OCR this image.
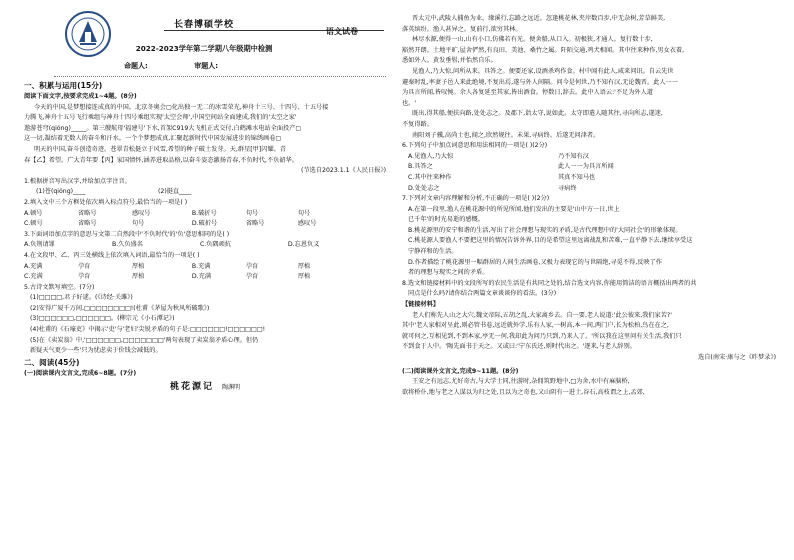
长春博硕学校
语文试卷
2022-2023学年第二学期八年级期中检测
命题人:	审题人:
一、积累与运用(15分)
阅读下面文字,按要求完成1~4题。(8分)
今天的中国,是梦想接连成真的中国。北京冬奥会▢化出独一无二的冰雪荣光,神舟十三号、十四号、十五号接
力腾飞,神舟十五号飞行乘组与神舟十四号乘组实现'太空会师',中国空间站全面建成,我们的'太空之家'
遨游苍穹(qióng)_____。第三艘航母'福建号'下水,首架C919大飞机正式交付,白鹤滩水电站全面投产▢
这一切,凝结着无数人的奋斗和汗水。一个个梦想成真,汇聚起新时代中国发展进步的锦绣画卷▢
明天的中国,奋斗创造奇迹。苍翠青松挺立于风雪,希望的种子破土发芽。天,群星[甲]闪耀。青
春【乙】希望。广大青年要【丙】家国情怀,涵养进取品格,以奋斗姿态激扬青春,不负时代,不负韶华。
(节选自2023.1.1《人民日报》)
1.根据拼音写出汉字,并给加点字注音。
(1)苍(qióng)____	(2)挺直____
2.填入文中三个方框处依次填入标点符号,最恰当的一项是( )
A.顿号	省略号	感叹号	B.破折号	句号	句号
C.顿号	省略号	句号	D.破折号	省略号	感叹号
3.下面词语加点字的意思与文第二自然段中'不负时代'的'负'意思相同的是( )
A.负荆请罪	B.久负盛名	C.负隅顽抗	D.忘恩负义
4.在文段甲、乙、丙三处横线上依次填入词语,最恰当的一项是( )
A.充满	孕育	厚植	B.充满	孕育	厚植
C.充满	孕育	厚植	D.充满	孕育	厚植
5.古诗文默写填空。(7分)
(1)□□□□,君子好逑。(《诗经·关雎》)
(2)安得广厦千万间,□□□□□□□□!(杜甫《茅屋为秋风所破歌》)
(3)□□□□□□,□□□□□□。(柳宗元《小石潭记》)
(4)杜甫的《石壕吏》中揭示'吏'与'老妇'尖锐矛盾的句子是:□□□□□□!□□□□□□!
(5)在《卖炭翁》中,'□□□□□□,□□□□□□□'两句表现了卖炭翁矛盾心理。但仍
新疑天气更少一些'只为忧虑卖于价钱会减低的。
二、阅读(45分)
(一)阅读课内文言文,完成6~8题。(7分)
桃花源记 陶渊明
晋太元中,武陵人捕鱼为业。缘溪行,忘路之远近。忽逢桃花林,夹岸数百步,中无杂树,芳草鲜美,
落英缤纷。渔人甚异之。复前行,欲穷其林。
林尽水源,便得一山,山有小口,仿佛若有光。便舍船,从口入。初极狭,才通人。复行数十步,
豁然开朗。土地平旷,屋舍俨然,有良田、美池、桑竹之属。阡陌交通,鸡犬相闻。其中往来种作,男女衣着,
悉如外人。黄发垂髫,并怡然自乐。
见渔人,乃大惊,问所从来。具答之。便要还家,设酒杀鸡作食。村中闻有此人,咸来问讯。自云先世
避秦时乱,率妻子邑人来此绝境,不复出焉,遂与外人间隔。问今是何世,乃不知有汉,无论魏晋。此人一一
为具言所闻,皆叹惋。余人各复延至其家,皆出酒食。停数日,辞去。此中人语云:'不足为外人道
也。'
既出,得其船,便扶向路,处处志之。及郡下,诣太守,说如此。太守即遣人随其往,寻向所志,遂迷,
不复得路。
南阳刘子骥,高尚士也,闻之,欣然规往。未果,寻病终。后遂无问津者。
6.下列句子中加点词意思和用法相同的一项是( )(2分)
A.见渔人,乃大惊	乃不知有汉
B.具答之	此人一一为具言所闻
C.其中往来种作	其真不知马也
D.处处志之	寻病终
7.下列对文章内容理解和分析,不正确的一项是( )(2分)
A.在第一段里,渔人在桃花源中的所见所闻,他们发出的主要是'山中方一日,世上
已千年'的时光易逝的感慨。
B.桃花源里的安宁和谐的生活,写出了社会理想与现实的矛盾,是古代理想中的'大同社会'的形象体现。
C.桃花源人要渔人不要把这里的情况告诉外界,目的是希望这里远离战乱和苦难,一直平静下去,继续享受这
宁静祥和的生活。
D.作者描绘了桃花源里一幅群居的人间生活画卷,又极力表现它的与世隔绝,寻觅不得,反映了作
者的理想与现实之间的矛盾。
8.选文和链接材料中的文段所写的农民生活是有共同之处的,结合选文内容,你能用简洁的语言概括出两者的共
同点是什么吗?请你结合两篇文章谈谈你的看法。(3分)
【链接材料】
老人们称先人山之大穴,魏文帝际,五胡之乱,大家离乡去。自一要,老人说道:'此公彼来,我们家苦?'
其中'老人家相对呈此,则必管书卷,远近就外学,乐有人家,一树高,本一间,两门户,长为松柏,鸟在在之,
就可何之,互相见到,不到本家,亭无一何,我却此为问乃只到,乃来人了。'所以我在这里问有关生活,我们只
不到食于人中。'陶先面书于天之。又或曰:'宁东氏还,则时代出之。'逐来,与老人辞别。
选自(南宋·康与之《昨梦录》)
(二)阅读课外文言文,完成9~11题。(8分)
王安之有远志,尤好奇古,与大学士同,往游时,杂佣筑野地中,□为舍,水中有麻脑桥,
欲将桥仆,地与老之人谋以为归之处,且以为之奇也,又山阴有一进士,谷石,高枝谓之上,孟郊,
